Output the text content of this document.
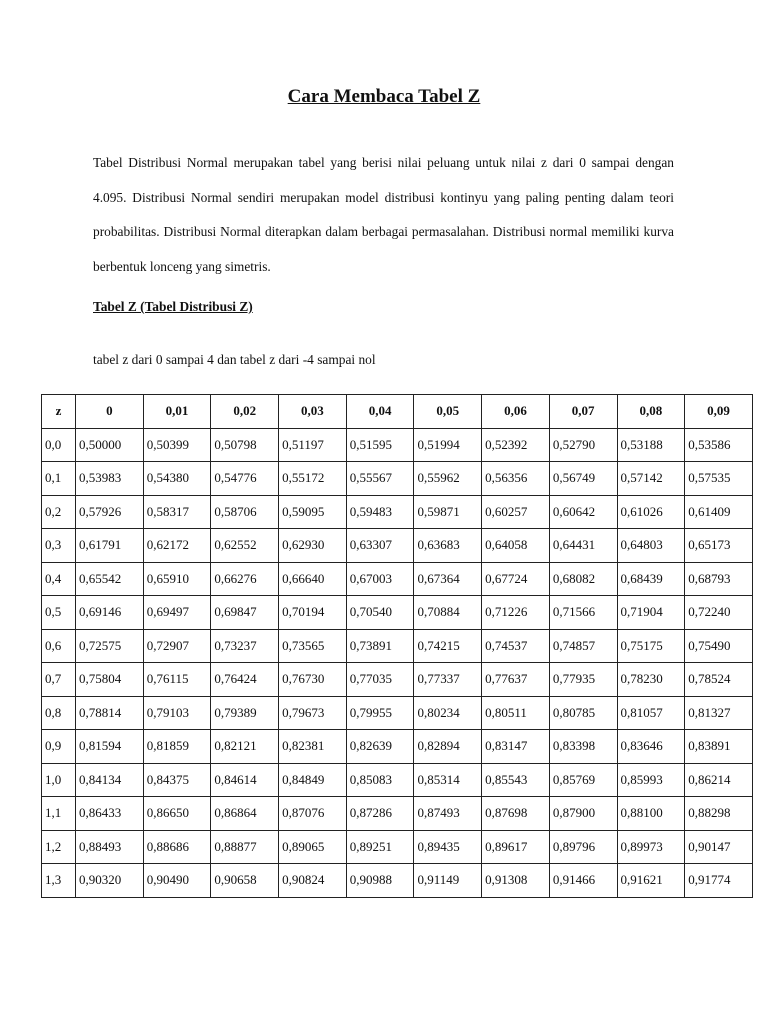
Cara Membaca Tabel Z

Tabel Distribusi Normal merupakan tabel yang berisi nilai peluang untuk nilai z dari 0 sampai dengan 4.095. Distribusi Normal sendiri merupakan model distribusi kontinyu yang paling penting dalam teori probabilitas. Distribusi Normal diterapkan dalam berbagai permasalahan. Distribusi normal memiliki kurva berbentuk lonceng yang simetris.

Tabel Z (Tabel Distribusi Z)
tabel z dari 0 sampai 4 dan tabel z dari -4 sampai nol
z	0	0,01	0,02	0,03	0,04	0,05	0,06	0,07	0,08	0,09
0,0	0,50000	0,50399	0,50798	0,51197	0,51595	0,51994	0,52392	0,52790	0,53188	0,53586
0,1	0,53983	0,54380	0,54776	0,55172	0,55567	0,55962	0,56356	0,56749	0,57142	0,57535
0,2	0,57926	0,58317	0,58706	0,59095	0,59483	0,59871	0,60257	0,60642	0,61026	0,61409
0,3	0,61791	0,62172	0,62552	0,62930	0,63307	0,63683	0,64058	0,64431	0,64803	0,65173
0,4	0,65542	0,65910	0,66276	0,66640	0,67003	0,67364	0,67724	0,68082	0,68439	0,68793
0,5	0,69146	0,69497	0,69847	0,70194	0,70540	0,70884	0,71226	0,71566	0,71904	0,72240
0,6	0,72575	0,72907	0,73237	0,73565	0,73891	0,74215	0,74537	0,74857	0,75175	0,75490
0,7	0,75804	0,76115	0,76424	0,76730	0,77035	0,77337	0,77637	0,77935	0,78230	0,78524
0,8	0,78814	0,79103	0,79389	0,79673	0,79955	0,80234	0,80511	0,80785	0,81057	0,81327
0,9	0,81594	0,81859	0,82121	0,82381	0,82639	0,82894	0,83147	0,83398	0,83646	0,83891
1,0	0,84134	0,84375	0,84614	0,84849	0,85083	0,85314	0,85543	0,85769	0,85993	0,86214
1,1	0,86433	0,86650	0,86864	0,87076	0,87286	0,87493	0,87698	0,87900	0,88100	0,88298
1,2	0,88493	0,88686	0,88877	0,89065	0,89251	0,89435	0,89617	0,89796	0,89973	0,90147
1,3	0,90320	0,90490	0,90658	0,90824	0,90988	0,91149	0,91308	0,91466	0,91621	0,91774
